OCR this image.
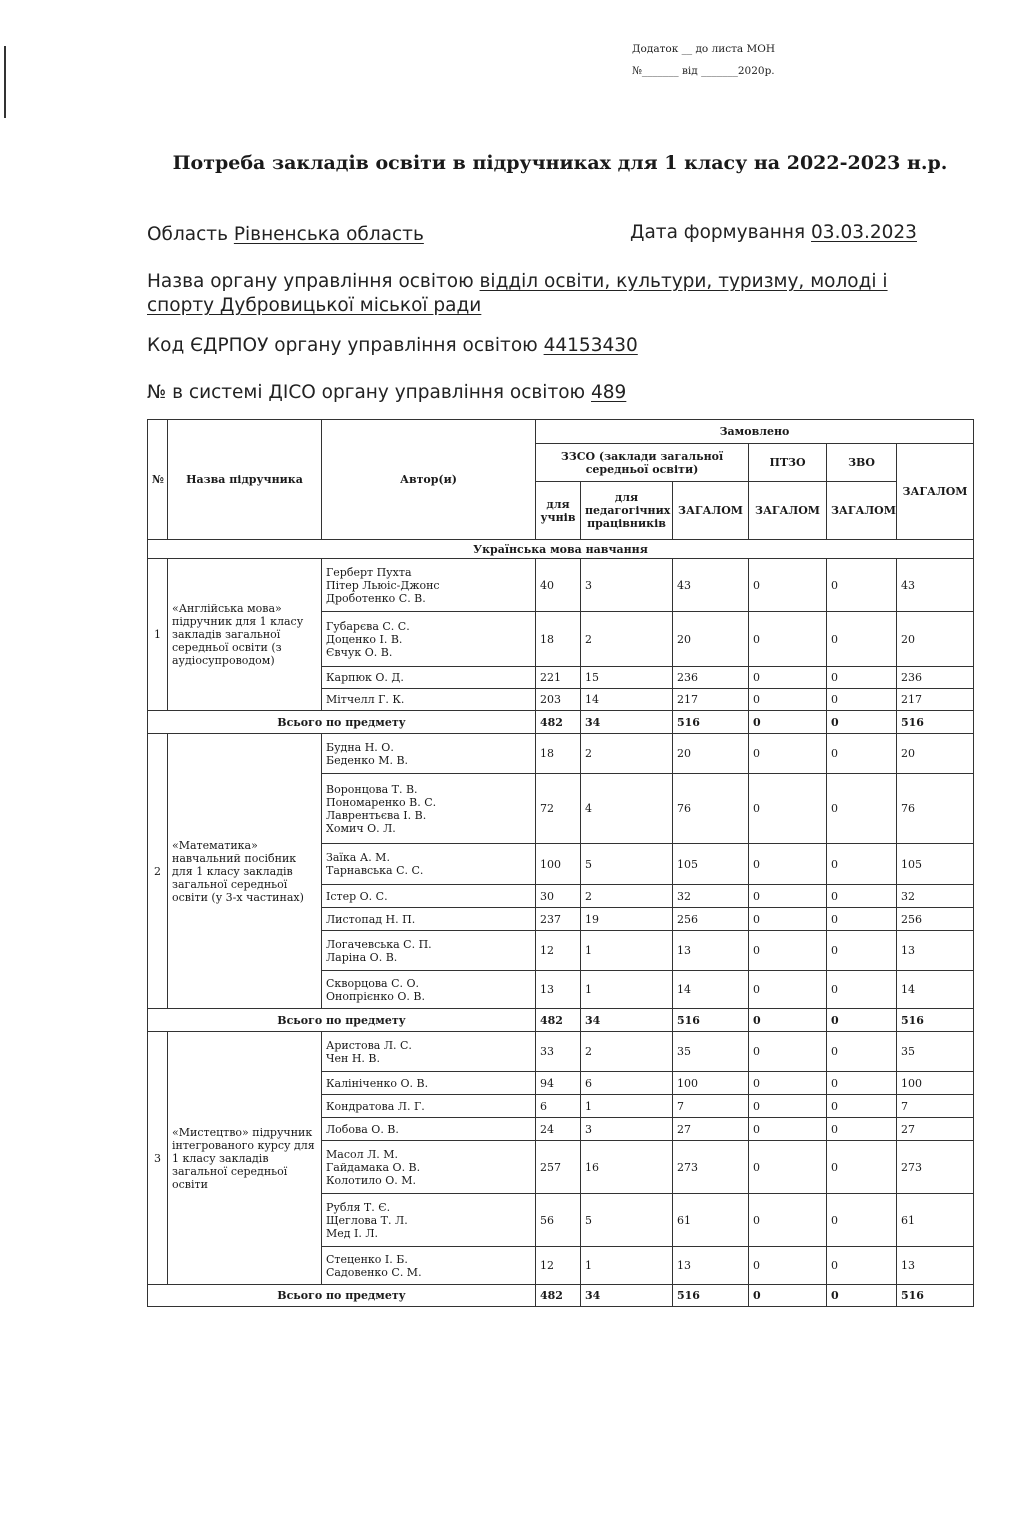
Додаток __ до листа МОН
№_______ від _______2020р.
Потреба закладів освіти в підручниках для 1 класу на 2022-2023 н.р.
Область Рівненська область	Дата формування 03.03.2023
Назва органу управління освітою відділ освіти, культури, туризму, молоді і
спорту Дубровицької міської ради
Код ЄДРПОУ органу управління освітою 44153430
№ в системі ДІСО органу управління освітою 489
№	Назва підручника	Автор(и)	Замовлено					
			ЗЗСО (заклади загальної середньої освіти)			ПТЗО	ЗВО	ЗАГАЛОМ
			для учнів	для педагогічних працівників	ЗАГАЛОМ	ЗАГАЛОМ	ЗАГАЛОМ	
Українська мова навчання								
1	«Англійська мова» підручник для 1 класу закладів загальної середньої освіти (з аудіосупроводом)	Герберт Пухта
Пітер Льюіс-Джонс
Дроботенко С. В.	40	3	43	0	0	43

		Губарєва С. С.
Доценко І. В.
Євчук О. В.	18	2	20	0	0	20

		Карпюк О. Д.	221	15	236	0	0	236

		Мітчелл Г. К.	203	14	217	0	0	217
Всього по предмету			482	34	516	0	0	516
2	«Математика» навчальний посібник для 1 класу закладів загальної середньої освіти (у 3-х частинах)	Будна Н. О.
Беденко М. В.	18	2	20	0	0	20

		Воронцова Т. В.
Пономаренко В. С.
Лаврентьєва І. В.
Хомич О. Л.	72	4	76	0	0	76

		Заїка А. М.
Тарнавська С. С.	100	5	105	0	0	105

		Істер О. С.	30	2	32	0	0	32

		Листопад Н. П.	237	19	256	0	0	256

		Логачевська С. П.
Ларіна О. В.	12	1	13	0	0	13

		Скворцова С. О.
Онопрієнко О. В.	13	1	14	0	0	14
Всього по предмету			482	34	516	0	0	516
3	«Мистецтво» підручник інтегрованого курсу для 1 класу закладів загальної середньої освіти	Аристова Л. С.
Чен Н. В.	33	2	35	0	0	35

		Калініченко О. В.	94	6	100	0	0	100

		Кондратова Л. Г.	6	1	7	0	0	7

		Лобова О. В.	24	3	27	0	0	27

		Масол Л. М.
Гайдамака О. В.
Колотило О. М.	257	16	273	0	0	273

		Рубля Т. Є.
Щеглова Т. Л.
Мед І. Л.	56	5	61	0	0	61

		Стеценко І. Б.
Садовенко С. М.	12	1	13	0	0	13
Всього по предмету			482	34	516	0	0	516
